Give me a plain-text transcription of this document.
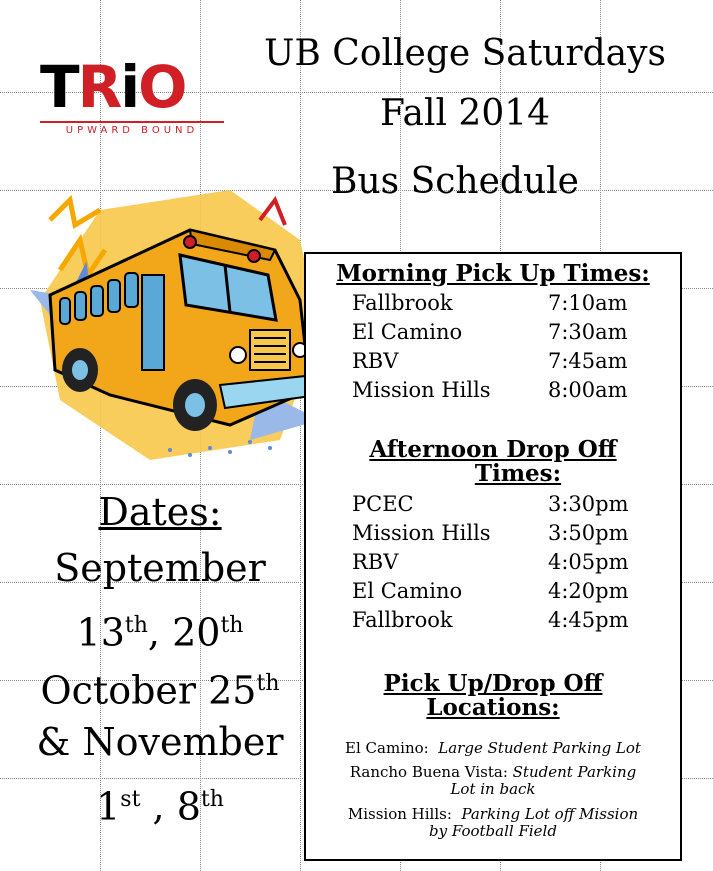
TRiO
UPWARD BOUND
UB College Saturdays
Fall 2014
Bus Schedule
Morning Pick Up Times:
Fallbrook	7:10am
El Camino	7:30am
RBV	7:45am
Mission Hills	8:00am
Afternoon Drop Off
Times:
PCEC	3:30pm
Mission Hills	3:50pm
RBV	4:05pm
El Camino	4:20pm
Fallbrook	4:45pm
Pick Up/Drop Off
Locations:
El Camino: Large Student Parking Lot
Rancho Buena Vista: Student Parking
Lot in back
Mission Hills: Parking Lot off Mission
by Football Field
Dates:
September
13th, 20th
October 25th
& November
1st , 8th
